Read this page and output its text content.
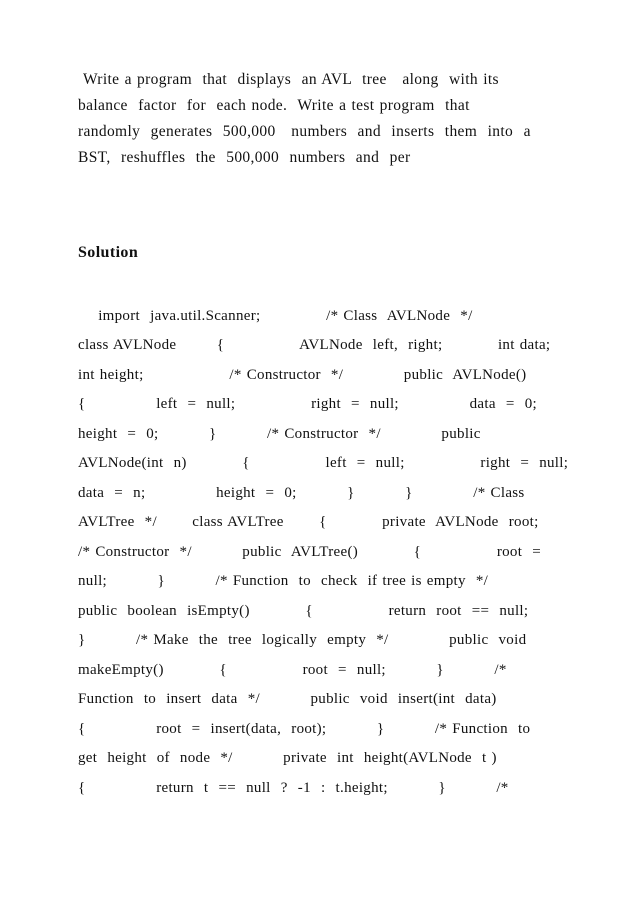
Write a program  that  displays  an AVL  tree   along  with its
balance  factor  for  each node.  Write a test program  that
randomly  generates  500,000   numbers  and  inserts  them  into  a
BST,  reshuffles  the  500,000  numbers  and  per
Solution
import  java.util.Scanner;             /* Class  AVLNode  */
class AVLNode        {               AVLNode  left,  right;           int data;
int height;                 /* Constructor  */            public  AVLNode()
{              left  =  null;               right  =  null;              data  =  0;
height  =  0;          }          /* Constructor  */            public
AVLNode(int  n)           {               left  =  null;               right  =  null;
data  =  n;              height  =  0;          }          }            /* Class
AVLTree  */       class AVLTree       {           private  AVLNode  root;
/* Constructor  */          public  AVLTree()           {               root  =
null;          }          /* Function  to  check  if tree is empty  */
public  boolean  isEmpty()           {               return  root  ==  null;
}          /* Make  the  tree  logically  empty  */            public  void
makeEmpty()           {               root  =  null;          }          /*
Function  to  insert  data  */          public  void  insert(int  data)
{              root  =  insert(data,  root);          }          /* Function  to
get  height  of  node  */          private  int  height(AVLNode  t )
{              return  t  ==  null  ?  -1  :  t.height;          }          /*
